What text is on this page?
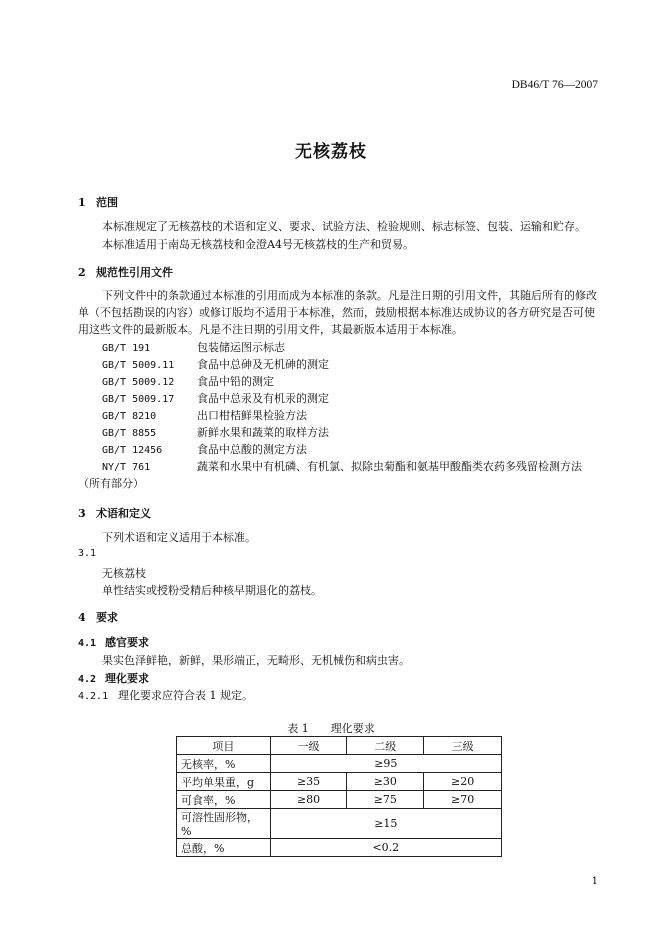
DB46/T 76—2007
无核荔枝
1 范围
本标准规定了无核荔枝的术语和定义、要求、试验方法、检验规则、标志标签、包装、运输和贮存。
本标准适用于南岛无核荔枝和金澄A4号无核荔枝的生产和贸易。
2 规范性引用文件
下列文件中的条款通过本标准的引用而成为本标准的条款。凡是注日期的引用文件，其随后所有的修改单（不包括勘误的内容）或修订版均不适用于本标准，然而，鼓励根据本标准达成协议的各方研究是否可使用这些文件的最新版本。凡是不注日期的引用文件，其最新版本适用于本标准。
GB/T 191	包装储运图示标志
GB/T 5009.11 食品中总砷及无机砷的测定
GB/T 5009.12 食品中铅的测定
GB/T 5009.17 食品中总汞及有机汞的测定
GB/T 8210	出口柑桔鲜果检验方法
GB/T 8855	新鲜水果和蔬菜的取样方法
GB/T 12456	食品中总酸的测定方法
NY/T 761	蔬菜和水果中有机磷、有机氯、拟除虫菊酯和氨基甲酸酯类农药多残留检测方法
（所有部分）
3 术语和定义
下列术语和定义适用于本标准。
3.1
无核荔枝
单性结实或授粉受精后种核早期退化的荔枝。
4 要求
4.1 感官要求
果实色泽鲜艳，新鲜，果形端正，无畸形、无机械伤和病虫害。
4.2 理化要求
4.2.1 理化要求应符合表 1 规定。
表 1　　理化要求
项目	一级	二级	三级
无核率，%	≥95		
平均单果重，g	≥35	≥30	≥20
可食率，%	≥80	≥75	≥70
可溶性固形物，%	≥15		
总酸，%	<0.2		
1
